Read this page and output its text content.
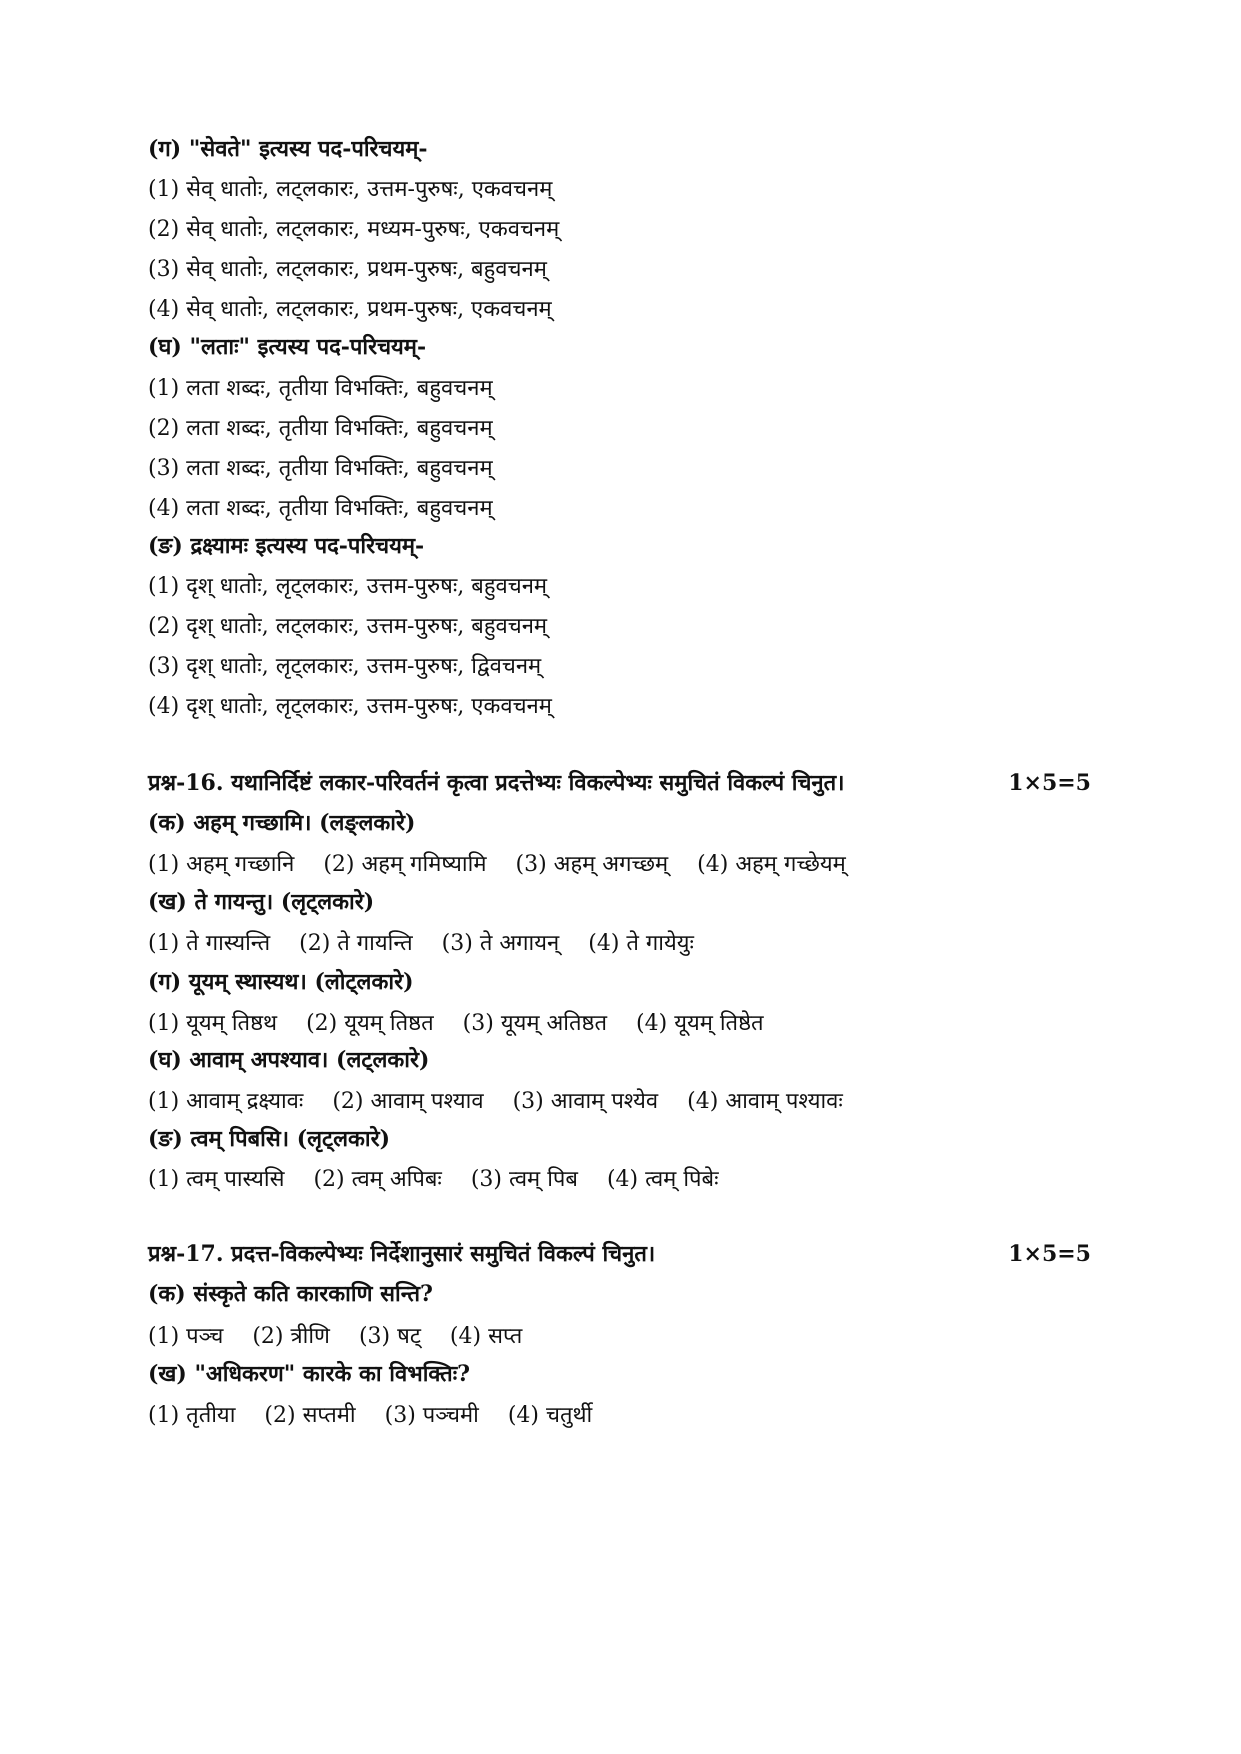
(ग) "सेवते" इत्यस्य पद-परिचयम्-
(1) सेव् धातोः, लट्लकारः, उत्तम-पुरुषः, एकवचनम्
(2) सेव् धातोः, लट्लकारः, मध्यम-पुरुषः, एकवचनम्
(3) सेव् धातोः, लट्लकारः, प्रथम-पुरुषः, बहुवचनम्
(4) सेव् धातोः, लट्लकारः, प्रथम-पुरुषः, एकवचनम्
(घ) "लताः" इत्यस्य पद-परिचयम्-
(1) लता शब्दः, तृतीया विभक्तिः, बहुवचनम्
(2) लता शब्दः, तृतीया विभक्तिः, बहुवचनम्
(3) लता शब्दः, तृतीया विभक्तिः, बहुवचनम्
(4) लता शब्दः, तृतीया विभक्तिः, बहुवचनम्
(ङ) द्रक्ष्यामः इत्यस्य पद-परिचयम्-
(1) दृश् धातोः, लृट्लकारः, उत्तम-पुरुषः, बहुवचनम्
(2) दृश् धातोः, लट्लकारः, उत्तम-पुरुषः, बहुवचनम्
(3) दृश् धातोः, लृट्लकारः, उत्तम-पुरुषः, द्विवचनम्
(4) दृश् धातोः, लृट्लकारः, उत्तम-पुरुषः, एकवचनम्
प्रश्न-16. यथानिर्दिष्टं लकार-परिवर्तनं कृत्वा प्रदत्तेभ्यः विकल्पेभ्यः समुचितं विकल्पं चिनुत।	1×5=5
(क) अहम् गच्छामि। (लङ्लकारे)
(1) अहम् गच्छानि (2) अहम् गमिष्यामि (3) अहम् अगच्छम् (4) अहम् गच्छेयम्
(ख) ते गायन्तु। (लृट्लकारे)
(1) ते गास्यन्ति (2) ते गायन्ति (3) ते अगायन् (4) ते गायेयुः
(ग) यूयम् स्थास्यथ। (लोट्लकारे)
(1) यूयम् तिष्ठथ (2) यूयम् तिष्ठत (3) यूयम् अतिष्ठत (4) यूयम् तिष्ठेत
(घ) आवाम् अपश्याव। (लट्लकारे)
(1) आवाम् द्रक्ष्यावः (2) आवाम् पश्याव (3) आवाम् पश्येव (4) आवाम् पश्यावः
(ङ) त्वम् पिबसि। (लृट्लकारे)
(1) त्वम् पास्यसि (2) त्वम् अपिबः (3) त्वम् पिब (4) त्वम् पिबेः
प्रश्न-17. प्रदत्त-विकल्पेभ्यः निर्देशानुसारं समुचितं विकल्पं चिनुत।	1×5=5
(क) संस्कृते कति कारकाणि सन्ति?
(1) पञ्च (2) त्रीणि (3) षट् (4) सप्त
(ख) "अधिकरण" कारके का विभक्तिः?
(1) तृतीया (2) सप्तमी (3) पञ्चमी (4) चतुर्थी
